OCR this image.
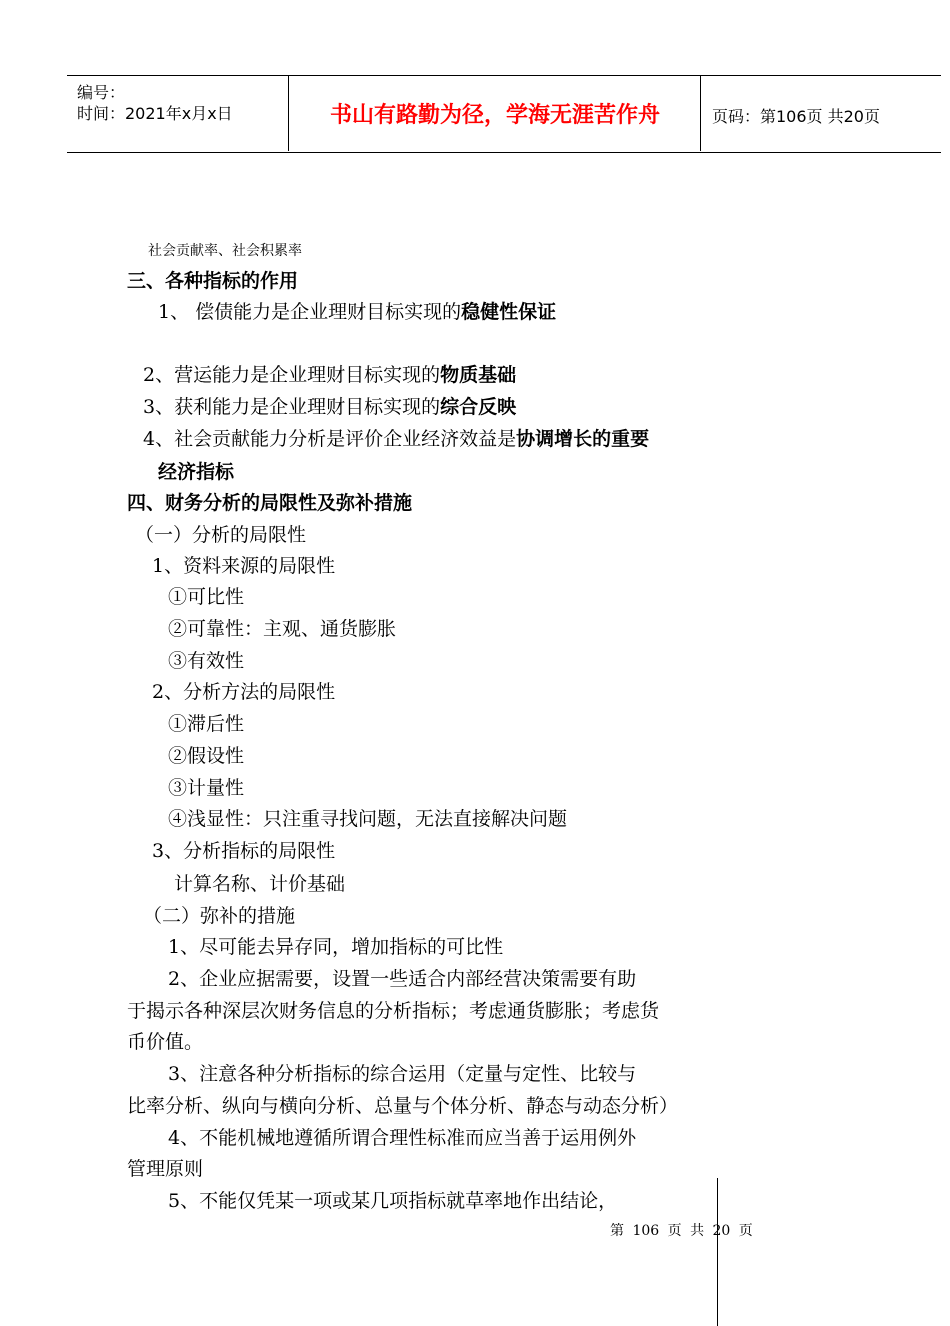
编号：
时间：2021年x月x日	书山有路勤为径，学海无涯苦作舟	页码：第106页 共20页
社会贡献率、社会积累率
三、各种指标的作用
1、 偿债能力是企业理财目标实现的稳健性保证
2、营运能力是企业理财目标实现的物质基础
3、获利能力是企业理财目标实现的综合反映
4、社会贡献能力分析是评价企业经济效益是协调增长的重要
经济指标
四、财务分析的局限性及弥补措施
（一）分析的局限性
1、资料来源的局限性
①可比性
②可靠性：主观、通货膨胀
③有效性
2、分析方法的局限性
①滞后性
②假设性
③计量性
④浅显性：只注重寻找问题，无法直接解决问题
3、分析指标的局限性
计算名称、计价基础
（二）弥补的措施
1、尽可能去异存同，增加指标的可比性
2、企业应据需要，设置一些适合内部经营决策需要有助
于揭示各种深层次财务信息的分析指标；考虑通货膨胀；考虑货
币价值。
3、注意各种分析指标的综合运用（定量与定性、比较与
比率分析、纵向与横向分析、总量与个体分析、静态与动态分析）
4、不能机械地遵循所谓合理性标准而应当善于运用例外
管理原则
5、不能仅凭某一项或某几项指标就草率地作出结论，
第 106 页 共 20 页
